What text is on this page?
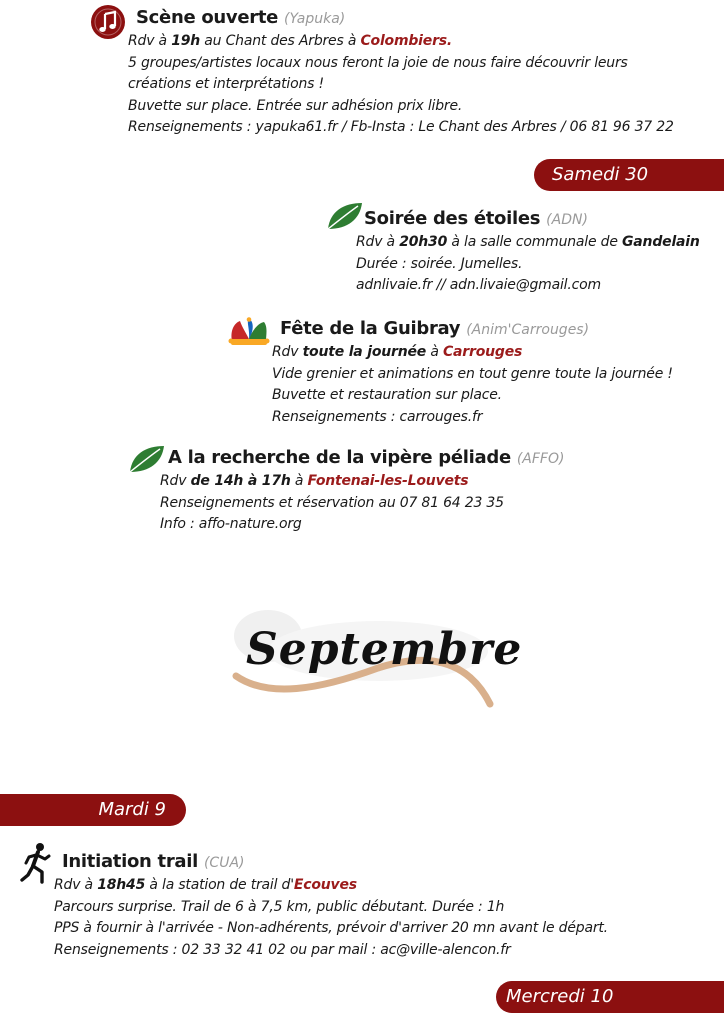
Scène ouverte (Yapuka)
Rdv à 19h au Chant des Arbres à Colombiers.
5 groupes/artistes locaux nous feront la joie de nous faire découvrir leurs
créations et interprétations !
Buvette sur place. Entrée sur adhésion prix libre.
Renseignements : yapuka61.fr / Fb-Insta : Le Chant des Arbres / 06 81 96 37 22
Samedi 30
Soirée des étoiles (ADN)
Rdv à 20h30 à la salle communale de Gandelain
Durée : soirée. Jumelles.
adnlivaie.fr // adn.livaie@gmail.com
Fête de la Guibray (Anim'Carrouges)
Rdv toute la journée à Carrouges
Vide grenier et animations en tout genre toute la journée !
Buvette et restauration sur place.
Renseignements : carrouges.fr
A la recherche de la vipère péliade (AFFO)
Rdv de 14h à 17h à Fontenai-les-Louvets
Renseignements et réservation au 07 81 64 23 35
Info : affo-nature.org
Septembre
Mardi 9
Initiation trail (CUA)
Rdv à 18h45 à la station de trail d'Ecouves
Parcours surprise. Trail de 6 à 7,5 km, public débutant. Durée : 1h
PPS à fournir à l'arrivée - Non-adhérents, prévoir d'arriver 20 mn avant le départ.
Renseignements : 02 33 32 41 02 ou par mail : ac@ville-alencon.fr
Mercredi 10
